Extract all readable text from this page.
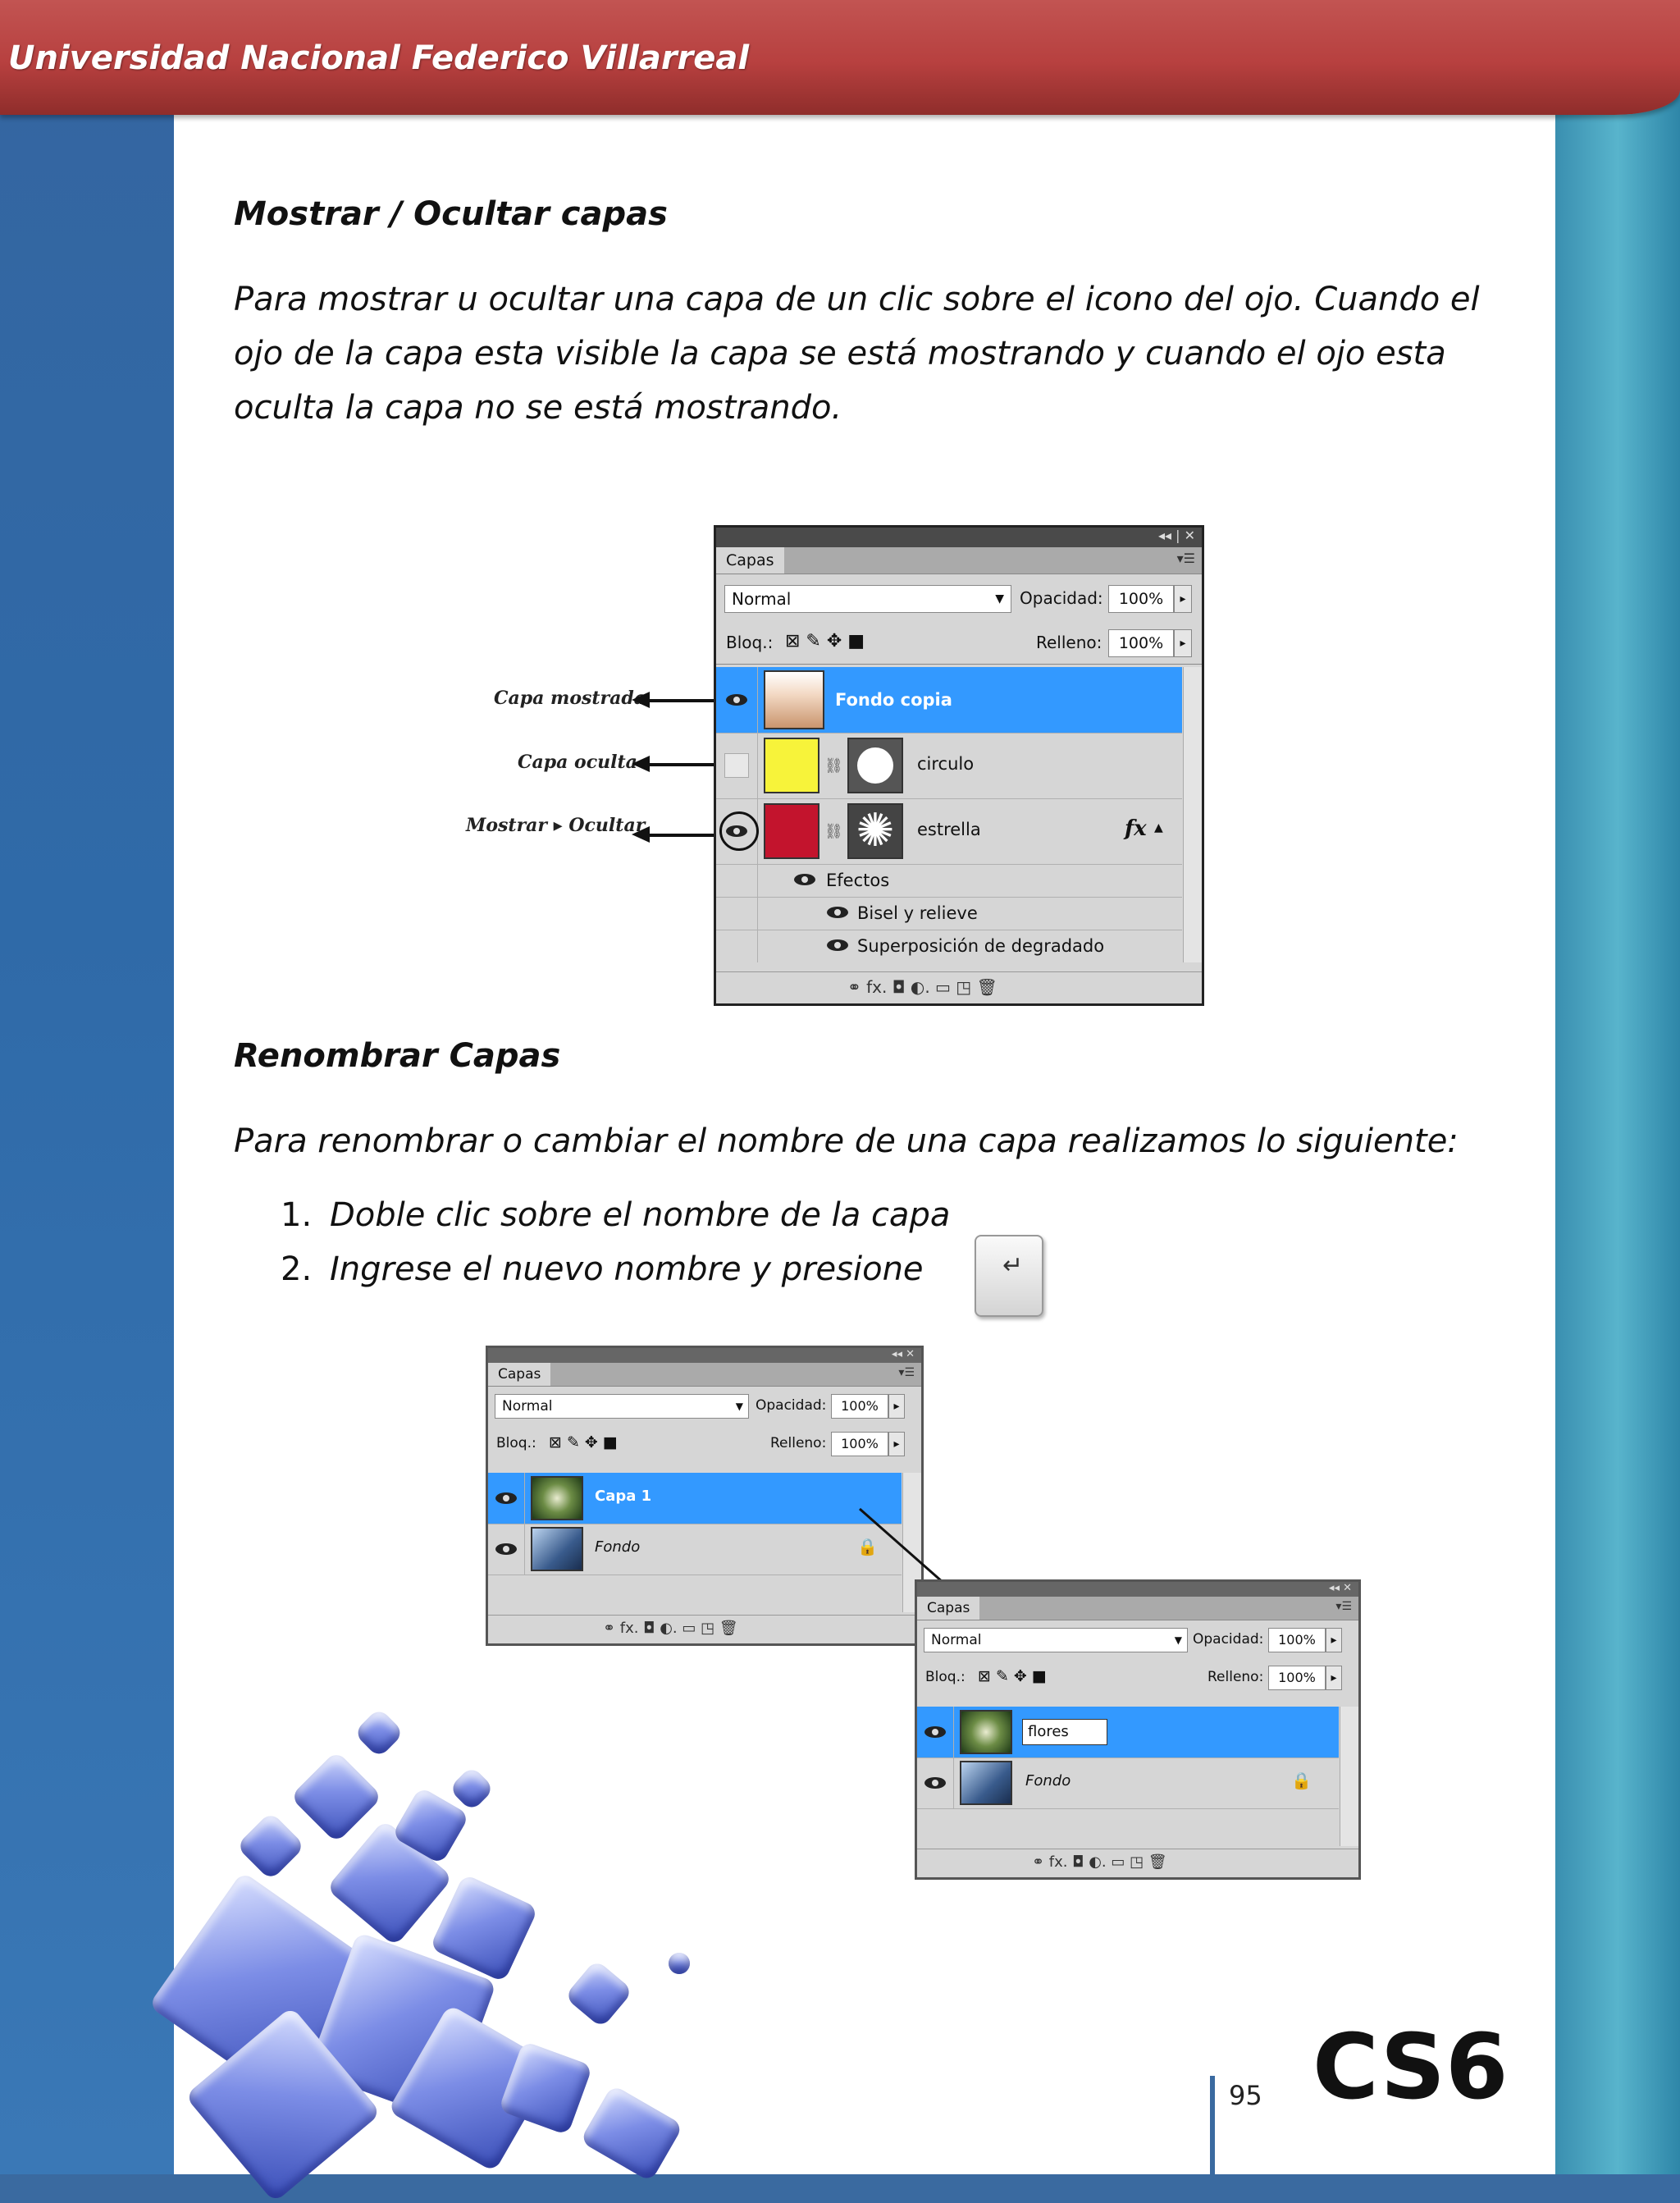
Universidad Nacional Federico Villarreal
Mostrar / Ocultar capas
Para mostrar u ocultar una capa de un clic sobre el icono del ojo. Cuando el
ojo de la capa esta visible la capa se está mostrando y cuando el ojo esta
oculta la capa no se está mostrando.
Capa mostrada
Capa oculta
Mostrar ▸ Ocultar
◂◂ | ✕
Capas	▾☰
Normal	▼ Opacidad:	100%	▸
Bloq.: ⊠ ✎ ✥ ■	Relleno:	100%	▸
Fondo copia
⛓	circulo
⛓ ✺	estrella	fx ▲
Efectos
Bisel y relieve
Superposición de degradado
⚭ fx. ◘ ◐. ▭ ◳ 🗑
Renombrar Capas
Para renombrar o cambiar el nombre de una capa realizamos lo siguiente:
1. Doble clic sobre el nombre de la capa
2. Ingrese el nuevo nombre y presione	↵
◂◂ ✕
Capas	▾☰
Normal	▼ Opacidad:	100%	▸
Bloq.: ⊠ ✎ ✥ ■	Relleno:	100%	▸
Capa 1
Fondo	🔒
⚭ fx. ◘ ◐. ▭ ◳ 🗑
◂◂ ✕
Capas	▾☰
Normal	▼ Opacidad:	100%	▸
Bloq.: ⊠ ✎ ✥ ■	Relleno:	100%	▸
flores
Fondo	🔒
⚭ fx. ◘ ◐. ▭ ◳ 🗑
95 CS6
